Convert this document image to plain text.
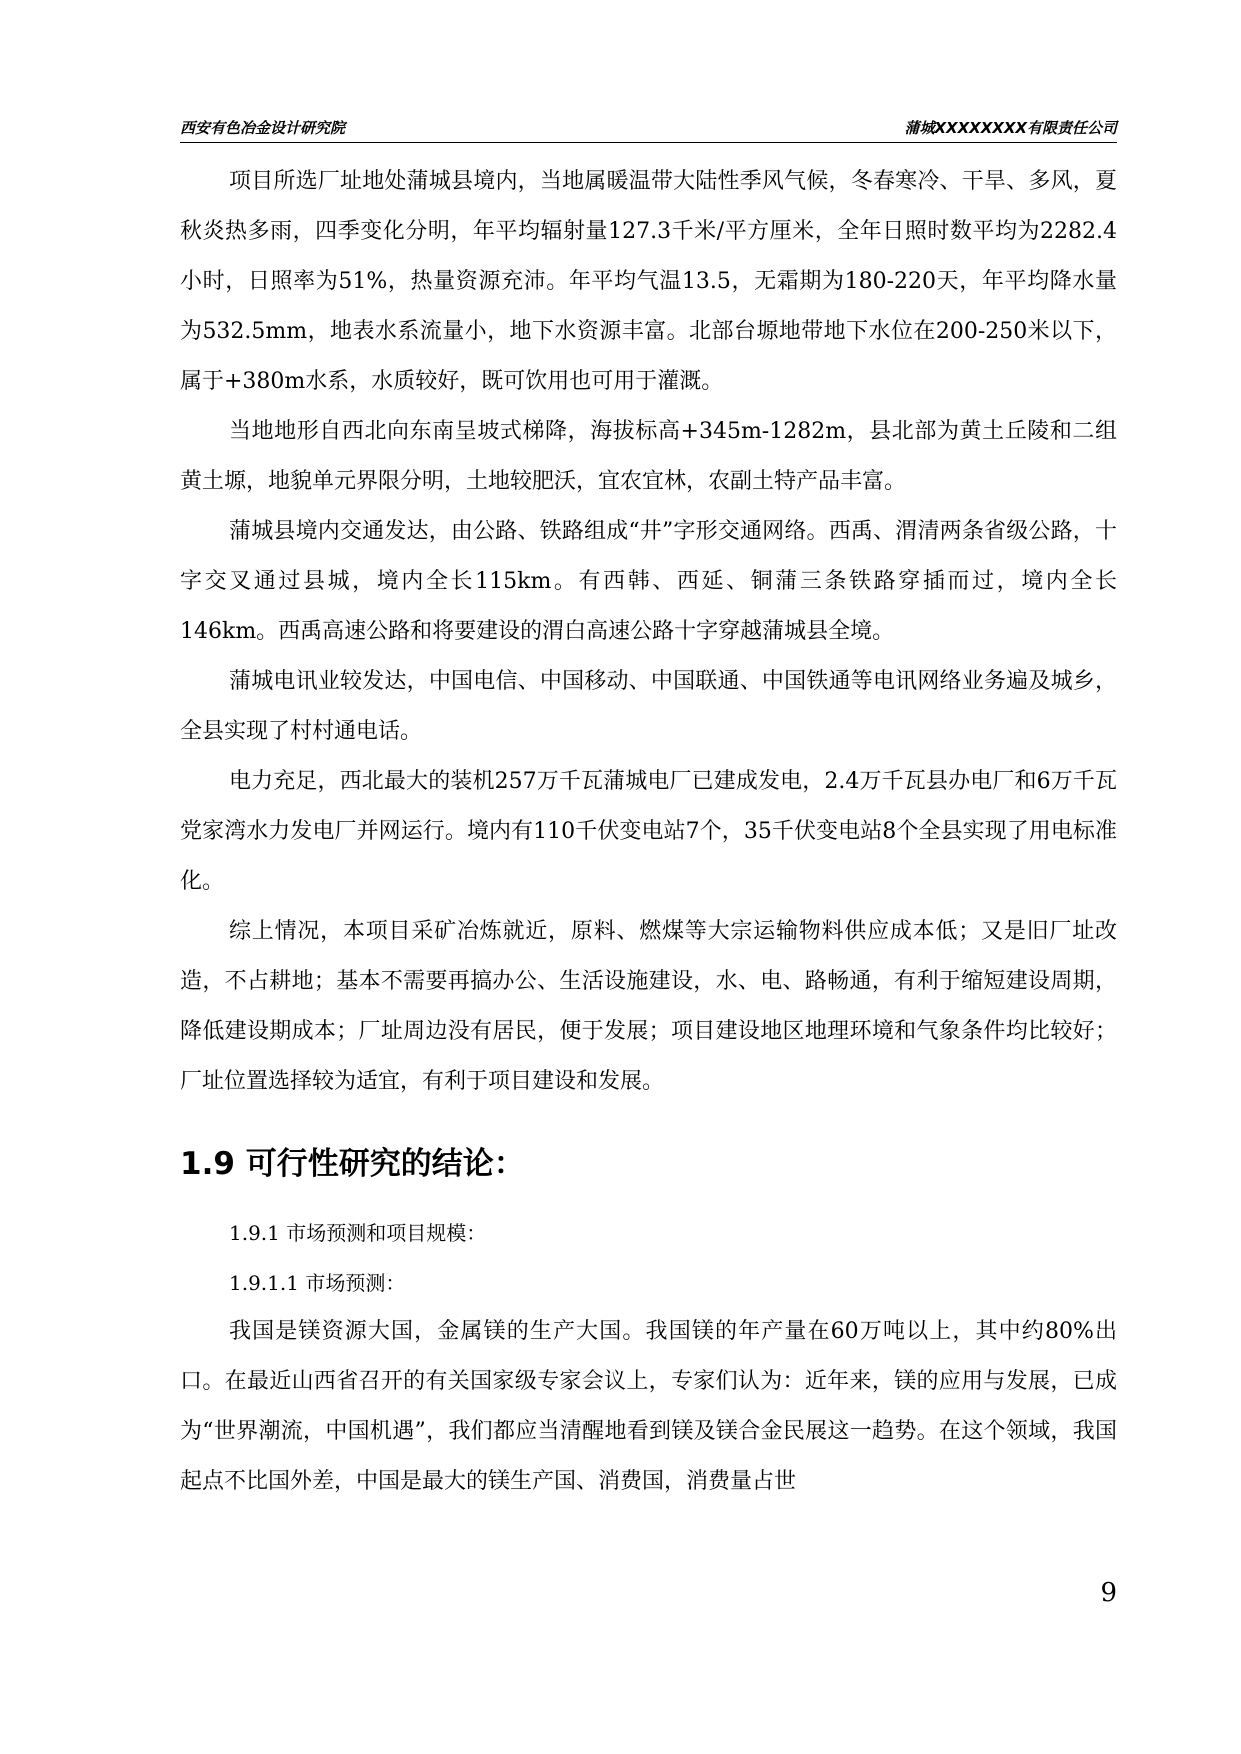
西安有色冶金设计研究院	蒲城XXXXXXXX有限责任公司

项目所选厂址地处蒲城县境内，当地属暖温带大陆性季风气候，冬春寒冷、干旱、多风，夏秋炎热多雨，四季变化分明，年平均辐射量127.3千米/平方厘米，全年日照时数平均为2282.4小时，日照率为51%，热量资源充沛。年平均气温13.5，无霜期为180-220天，年平均降水量为532.5mm，地表水系流量小，地下水资源丰富。北部台塬地带地下水位在200-250米以下，属于+380m水系，水质较好，既可饮用也可用于灌溉。

当地地形自西北向东南呈坡式梯降，海拔标高+345m-1282m，县北部为黄土丘陵和二组黄土塬，地貌单元界限分明，土地较肥沃，宜农宜林，农副土特产品丰富。

蒲城县境内交通发达，由公路、铁路组成“井”字形交通网络。西禹、渭清两条省级公路，十字交叉通过县城，境内全长115km。有西韩、西延、铜蒲三条铁路穿插而过，境内全长146km。西禹高速公路和将要建设的渭白高速公路十字穿越蒲城县全境。

蒲城电讯业较发达，中国电信、中国移动、中国联通、中国铁通等电讯网络业务遍及城乡，全县实现了村村通电话。

电力充足，西北最大的装机257万千瓦蒲城电厂已建成发电，2.4万千瓦县办电厂和6万千瓦党家湾水力发电厂并网运行。境内有110千伏变电站7个，35千伏变电站8个全县实现了用电标准化。

综上情况，本项目采矿冶炼就近，原料、燃煤等大宗运输物料供应成本低；又是旧厂址改造，不占耕地；基本不需要再搞办公、生活设施建设，水、电、路畅通，有利于缩短建设周期，降低建设期成本；厂址周边没有居民，便于发展；项目建设地区地理环境和气象条件均比较好；厂址位置选择较为适宜，有利于项目建设和发展。

1.9 可行性研究的结论：

1.9.1 市场预测和项目规模：

1.9.1.1 市场预测：

我国是镁资源大国，金属镁的生产大国。我国镁的年产量在60万吨以上，其中约80%出口。在最近山西省召开的有关国家级专家会议上，专家们认为：近年来，镁的应用与发展，已成为“世界潮流，中国机遇”，我们都应当清醒地看到镁及镁合金民展这一趋势。在这个领域，我国起点不比国外差，中国是最大的镁生产国、消费国，消费量占世

9
